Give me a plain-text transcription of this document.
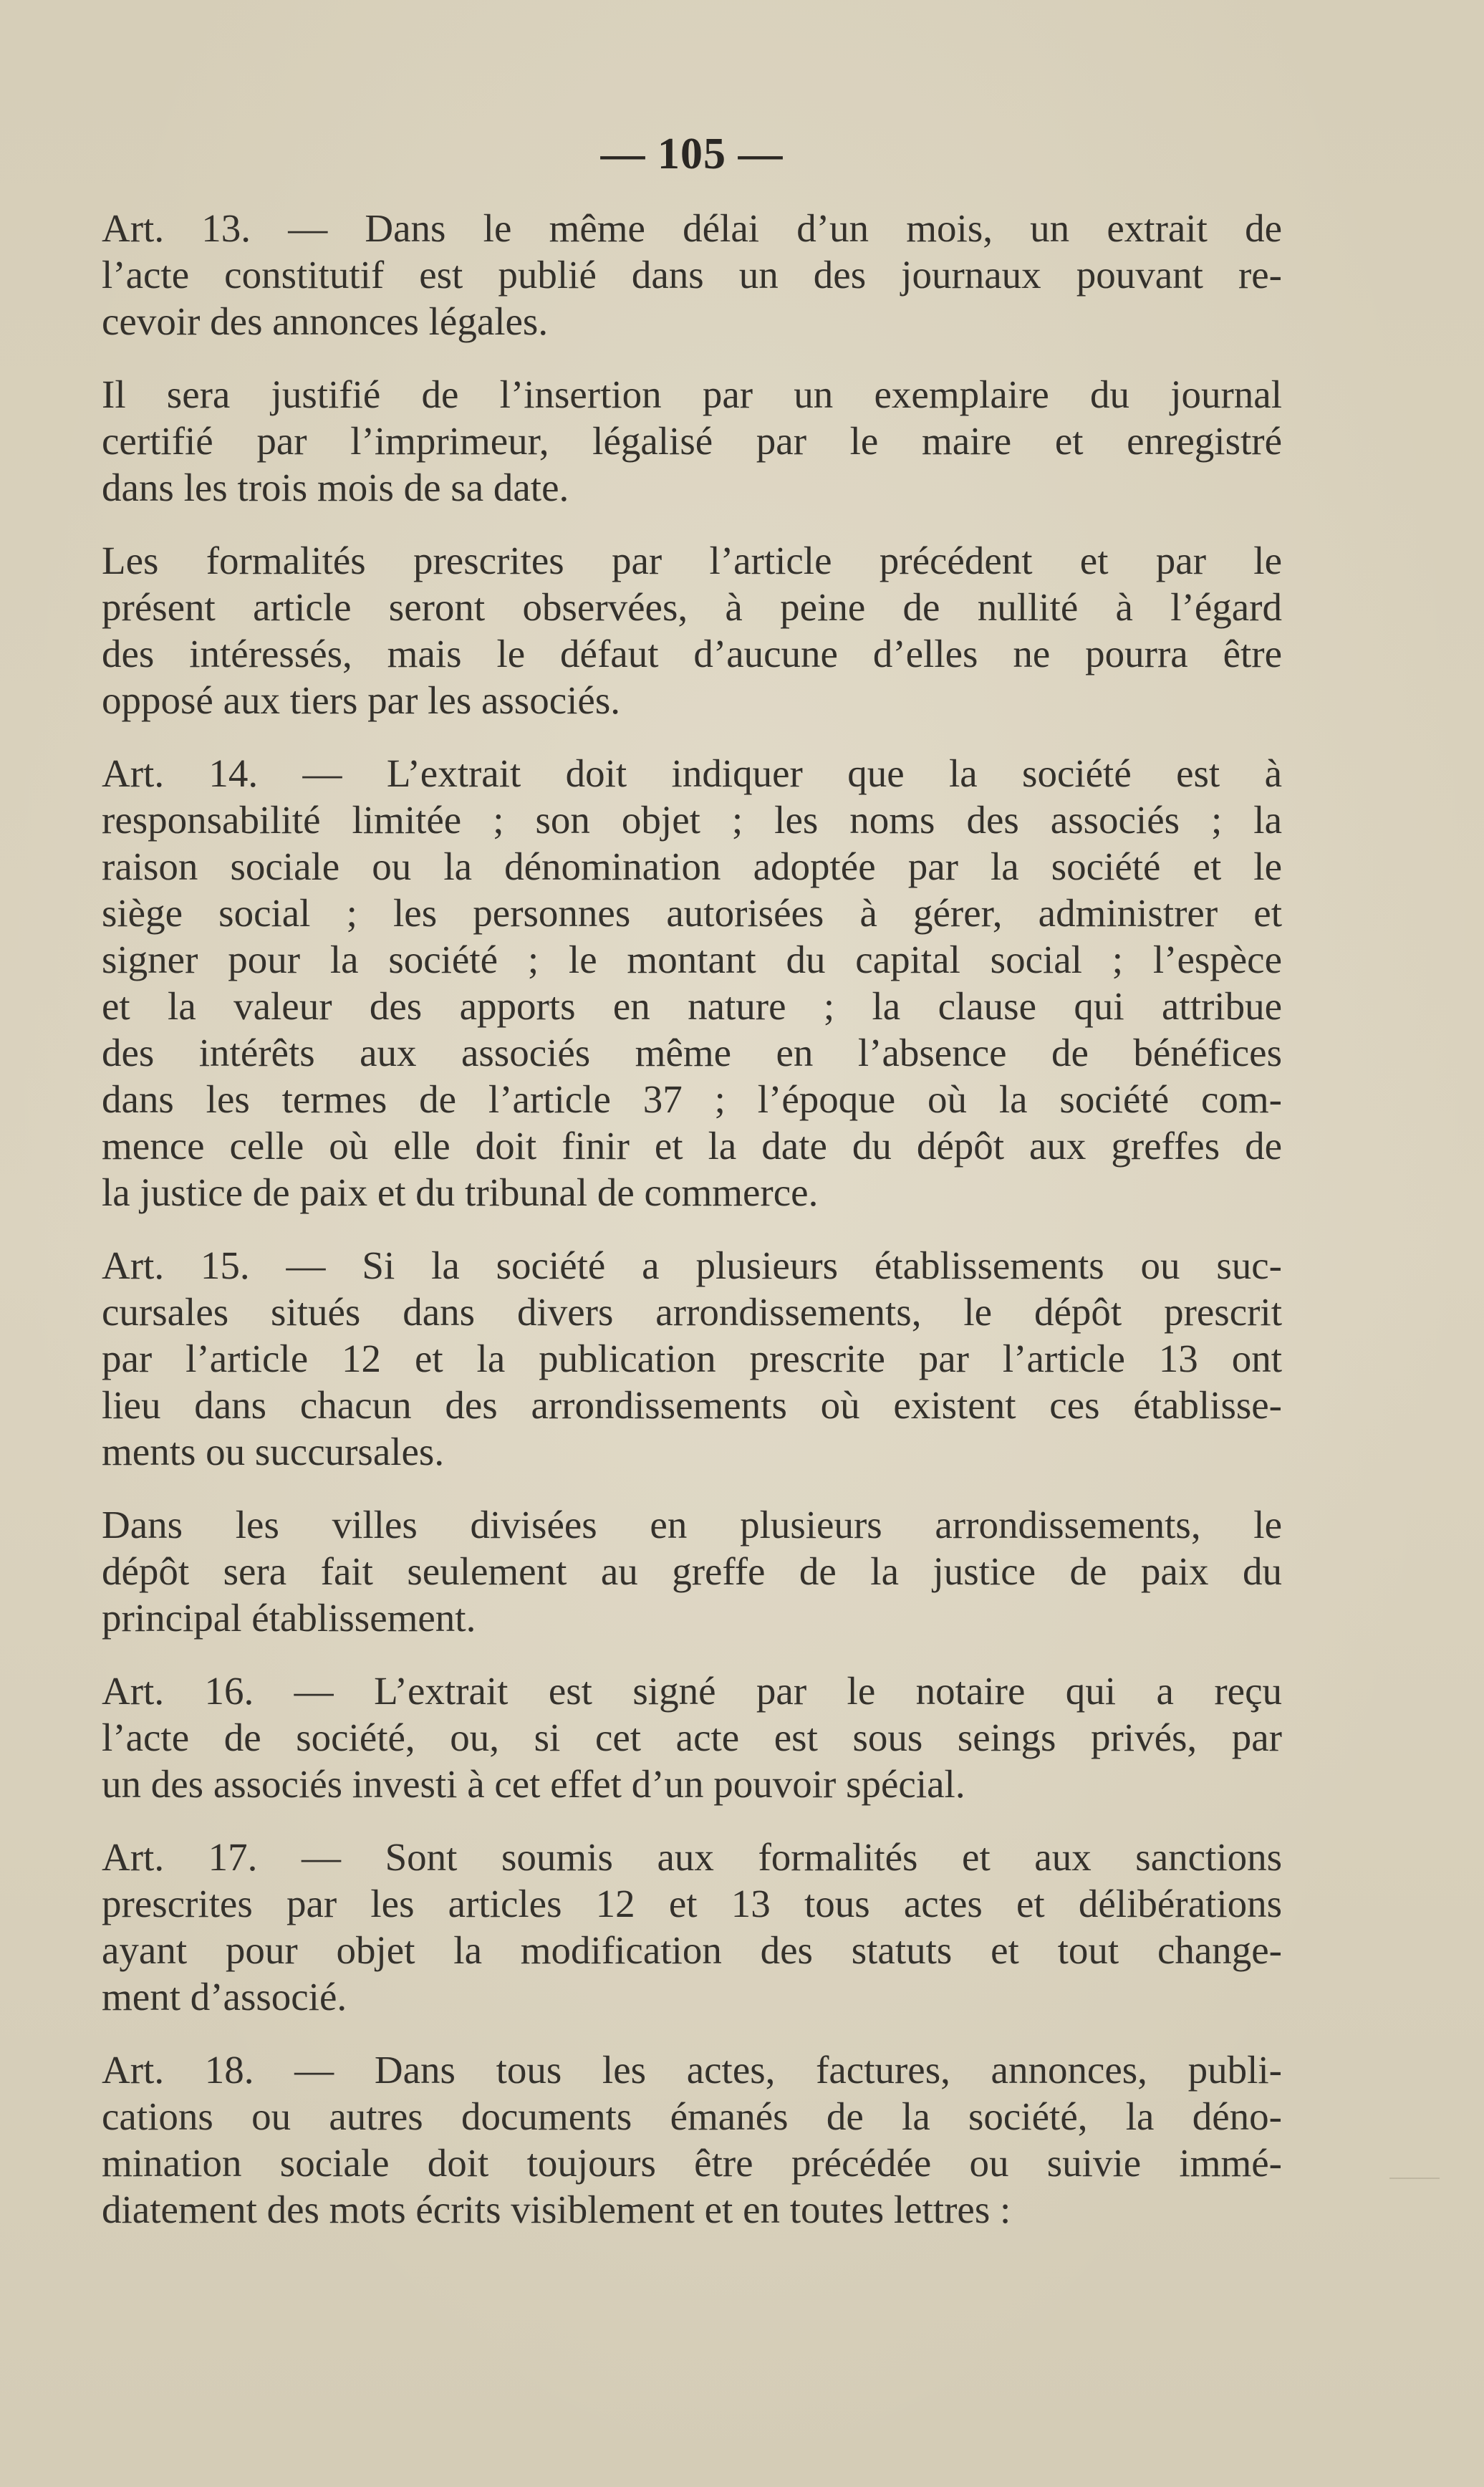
— 105 —
Art. 13. — Dans le même délai d’un mois, un extrait de
l’acte constitutif est publié dans un des journaux pouvant re-
cevoir des annonces légales.
Il sera justifié de l’insertion par un exemplaire du journal
certifié par l’imprimeur, légalisé par le maire et enregistré
dans les trois mois de sa date.
Les formalités prescrites par l’article précédent et par le
présent article seront observées, à peine de nullité à l’égard
des intéressés, mais le défaut d’aucune d’elles ne pourra être
opposé aux tiers par les associés.
Art. 14. — L’extrait doit indiquer que la société est à
responsabilité limitée ; son objet ; les noms des associés ; la
raison sociale ou la dénomination adoptée par la société et le
siège social ; les personnes autorisées à gérer, administrer et
signer pour la société ; le montant du capital social ; l’espèce
et la valeur des apports en nature ; la clause qui attribue
des intérêts aux associés même en l’absence de bénéfices
dans les termes de l’article 37 ; l’époque où la société com-
mence celle où elle doit finir et la date du dépôt aux greffes de
la justice de paix et du tribunal de commerce.
Art. 15. — Si la société a plusieurs établissements ou suc-
cursales situés dans divers arrondissements, le dépôt prescrit
par l’article 12 et la publication prescrite par l’article 13 ont
lieu dans chacun des arrondissements où existent ces établisse-
ments ou succursales.
Dans les villes divisées en plusieurs arrondissements, le
dépôt sera fait seulement au greffe de la justice de paix du
principal établissement.
Art. 16. — L’extrait est signé par le notaire qui a reçu
l’acte de société, ou, si cet acte est sous seings privés, par
un des associés investi à cet effet d’un pouvoir spécial.
Art. 17. — Sont soumis aux formalités et aux sanctions
prescrites par les articles 12 et 13 tous actes et délibérations
ayant pour objet la modification des statuts et tout change-
ment d’associé.
Art. 18. — Dans tous les actes, factures, annonces, publi-
cations ou autres documents émanés de la société, la déno-
mination sociale doit toujours être précédée ou suivie immé-
diatement des mots écrits visiblement et en toutes lettres :
